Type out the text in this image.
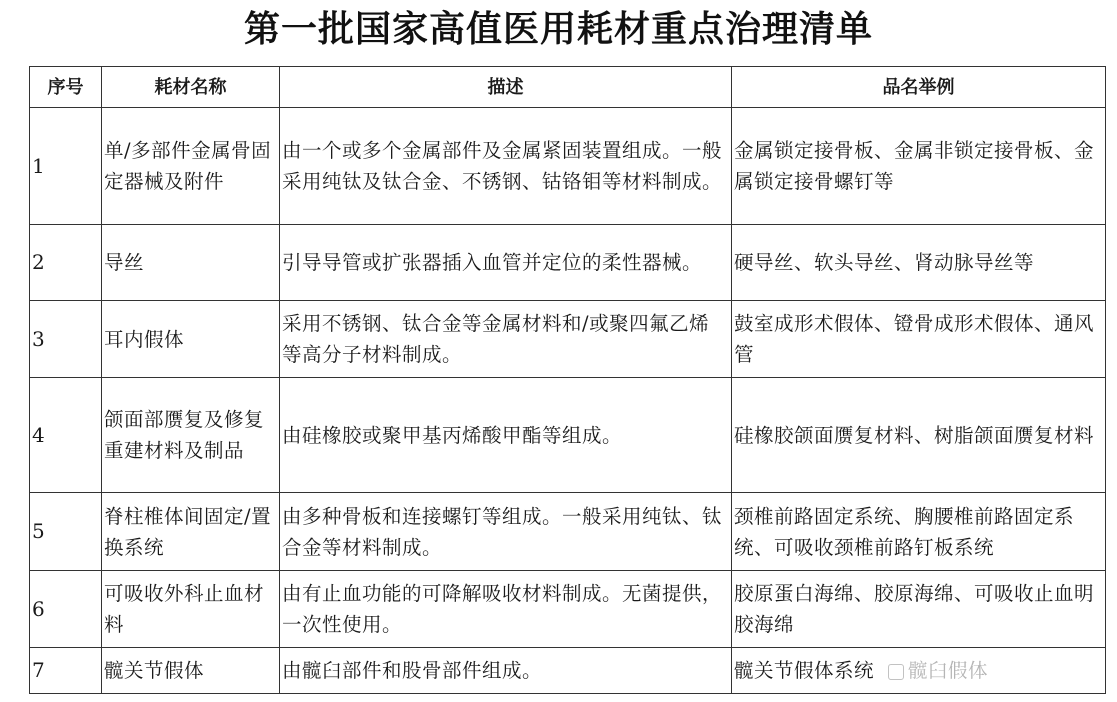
第一批国家高值医用耗材重点治理清单
序号	耗材名称	描述	品名举例
1	单/多部件金属骨固定器械及附件	由一个或多个金属部件及金属紧固装置组成。一般采用纯钛及钛合金、不锈钢、钴铬钼等材料制成。	金属锁定接骨板、金属非锁定接骨板、金属锁定接骨螺钉等
2	导丝	引导导管或扩张器插入血管并定位的柔性器械。	硬导丝、软头导丝、肾动脉导丝等
3	耳内假体	采用不锈钢、钛合金等金属材料和/或聚四氟乙烯等高分子材料制成。	鼓室成形术假体、镫骨成形术假体、通风管
4	颌面部赝复及修复重建材料及制品	由硅橡胶或聚甲基丙烯酸甲酯等组成。	硅橡胶颌面赝复材料、树脂颌面赝复材料
5	脊柱椎体间固定/置换系统	由多种骨板和连接螺钉等组成。一般采用纯钛、钛合金等材料制成。	颈椎前路固定系统、胸腰椎前路固定系统、可吸收颈椎前路钉板系统
6	可吸收外科止血材料	由有止血功能的可降解吸收材料制成。无菌提供，一次性使用。	胶原蛋白海绵、胶原海绵、可吸收止血明胶海绵
7	髋关节假体	由髋臼部件和股骨部件组成。	髋关节假体系统 髋臼假体
